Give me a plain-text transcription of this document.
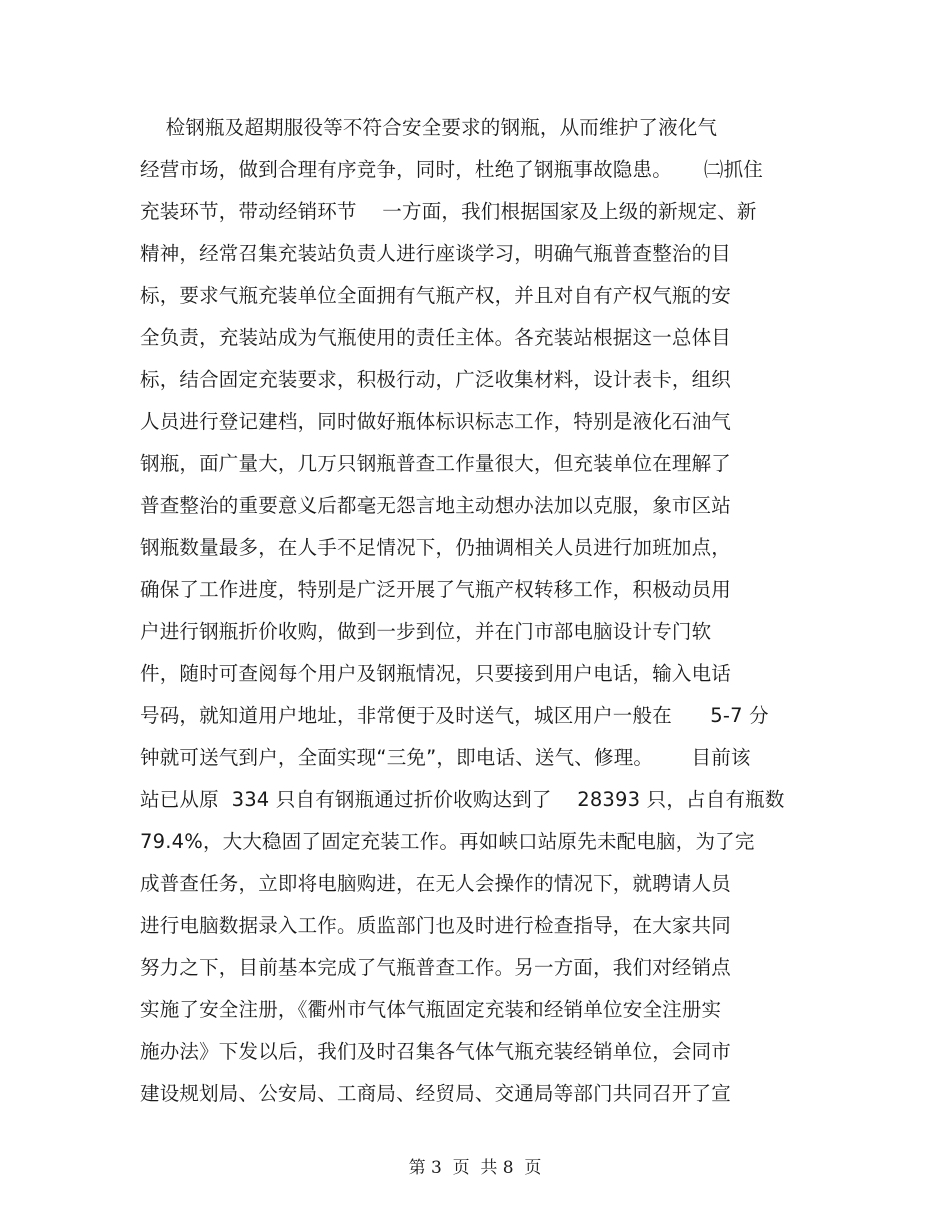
检钢瓶及超期服役等不符合安全要求的钢瓶，从而维护了液化气
经营市场，做到合理有序竞争，同时，杜绝了钢瓶事故隐患。     ㈡抓住
充装环节，带动经销环节    一方面，我们根据国家及上级的新规定、新
精神，经常召集充装站负责人进行座谈学习，明确气瓶普查整治的目
标，要求气瓶充装单位全面拥有气瓶产权，并且对自有产权气瓶的安
全负责，充装站成为气瓶使用的责任主体。各充装站根据这一总体目
标，结合固定充装要求，积极行动，广泛收集材料，设计表卡，组织
人员进行登记建档，同时做好瓶体标识标志工作，特别是液化石油气
钢瓶，面广量大，几万只钢瓶普查工作量很大，但充装单位在理解了
普查整治的重要意义后都毫无怨言地主动想办法加以克服，象市区站
钢瓶数量最多，在人手不足情况下，仍抽调相关人员进行加班加点，
确保了工作进度，特别是广泛开展了气瓶产权转移工作，积极动员用
户进行钢瓶折价收购，做到一步到位，并在门市部电脑设计专门软
件，随时可查阅每个用户及钢瓶情况，只要接到用户电话，输入电话
号码，就知道用户地址，非常便于及时送气，城区用户一般在      5-7 分
钟就可送气到户，全面实现“三免”，即电话、送气、修理。      目前该
站已从原  334 只自有钢瓶通过折价收购达到了    28393 只，占自有瓶数
79.4%，大大稳固了固定充装工作。再如峡口站原先未配电脑，为了完
成普查任务，立即将电脑购进，在无人会操作的情况下，就聘请人员
进行电脑数据录入工作。质监部门也及时进行检查指导，在大家共同
努力之下，目前基本完成了气瓶普查工作。另一方面，我们对经销点
实施了安全注册，《衢州市气体气瓶固定充装和经销单位安全注册实
施办法》下发以后，我们及时召集各气体气瓶充装经销单位，会同市
建设规划局、公安局、工商局、经贸局、交通局等部门共同召开了宣
第 3  页  共 8  页
